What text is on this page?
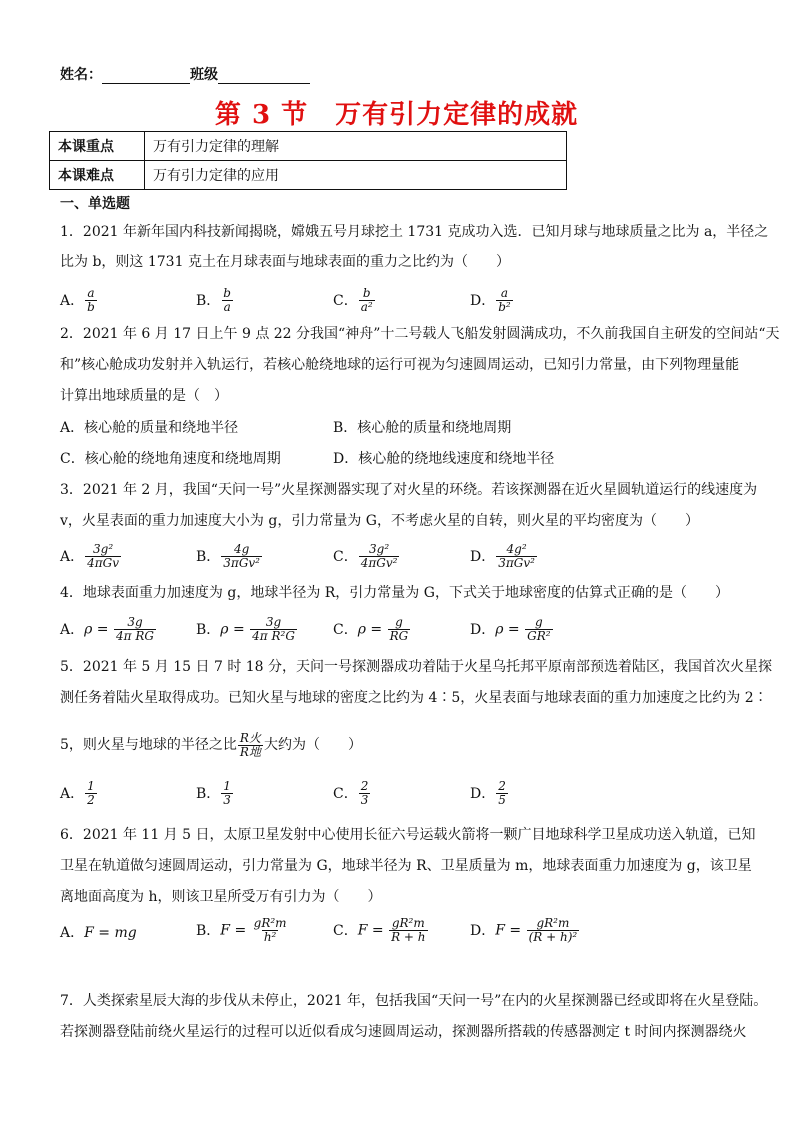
姓名：	班级
第 3 节　万有引力定律的成就
本课重点	万有引力定律的理解
本课难点	万有引力定律的应用
一、单选题
1．2021 年新年国内科技新闻揭晓，嫦娥五号月球挖土 1731 克成功入选．已知月球与地球质量之比为 a，半径之
比为 b，则这 1731 克土在月球表面与地球表面的重力之比约为（　　）
A． $\frac{a}{b}$	B． $\frac{b}{a}$	C． $\frac{b}{\text{a²}}$	D． $\frac{a}{\text{b²}}$
2．2021 年 6 月 17 日上午 9 点 22 分我国“神舟”十二号载人飞船发射圆满成功，不久前我国自主研发的空间站“天
和”核心舱成功发射并入轨运行，若核心舱绕地球的运行可视为匀速圆周运动，已知引力常量，由下列物理量能
计算出地球质量的是（　）
A．核心舱的质量和绕地半径	B．核心舱的质量和绕地周期
C．核心舱的绕地角速度和绕地周期	D．核心舱的绕地线速度和绕地半径
3．2021 年 2 月，我国“天问一号”火星探测器实现了对火星的环绕。若该探测器在近火星圆轨道运行的线速度为
v，火星表面的重力加速度大小为 g，引力常量为 G，不考虑火星的自转，则火星的平均密度为（　　）
A． $\frac{\text{3g²}}{\text{4πGv}}$	B． $\frac{4g}{\text{3πGv²}}$	C． $\frac{\text{3g²}}{\text{4πGv²}}$	D． $\frac{\text{4g²}}{\text{3πGv²}}$
4．地球表面重力加速度为 g，地球半径为 R，引力常量为 G，下式关于地球密度的估算式正确的是（　　）
A．$\rho = \frac{3g}{\text{4π RG}}$	B．$\rho = \frac{3g}{\text{4π R²G}}$	C．$\rho = \frac{g}{RG}$	D．$\rho = \frac{g}{\text{GR²}}$
5．2021 年 5 月 15 日 7 时 18 分，天问一号探测器成功着陆于火星乌托邦平原南部预选着陆区，我国首次火星探
测任务着陆火星取得成功。已知火星与地球的密度之比约为 4∶5，火星表面与地球表面的重力加速度之比约为 2∶
5，则火星与地球的半径之比 $\frac{\text{R火}}{\text{R地}}$ 大约为（　　）
A． $\frac{1}{2}$	B． $\frac{1}{3}$	C． $\frac{2}{3}$	D． $\frac{2}{5}$
6．2021 年 11 月 5 日，太原卫星发射中心使用长征六号运载火箭将一颗广目地球科学卫星成功送入轨道，已知
卫星在轨道做匀速圆周运动，引力常量为 G，地球半径为 R、卫星质量为 m，地球表面重力加速度为 g，该卫星
离地面高度为 h，则该卫星所受万有引力为（　　）
A．F = mg	B．$F = \frac{\text{gR²m}}{\text{h²}}$	C．$F = \frac{\text{gR²m}}{R + h}$	D．$F = \frac{\text{gR²m}}{\text{(R + h)²}}$
7．人类探索星辰大海的步伐从未停止，2021 年，包括我国“天问一号”在内的火星探测器已经或即将在火星登陆。
若探测器登陆前绕火星运行的过程可以近似看成匀速圆周运动，探测器所搭载的传感器测定 t 时间内探测器绕火
